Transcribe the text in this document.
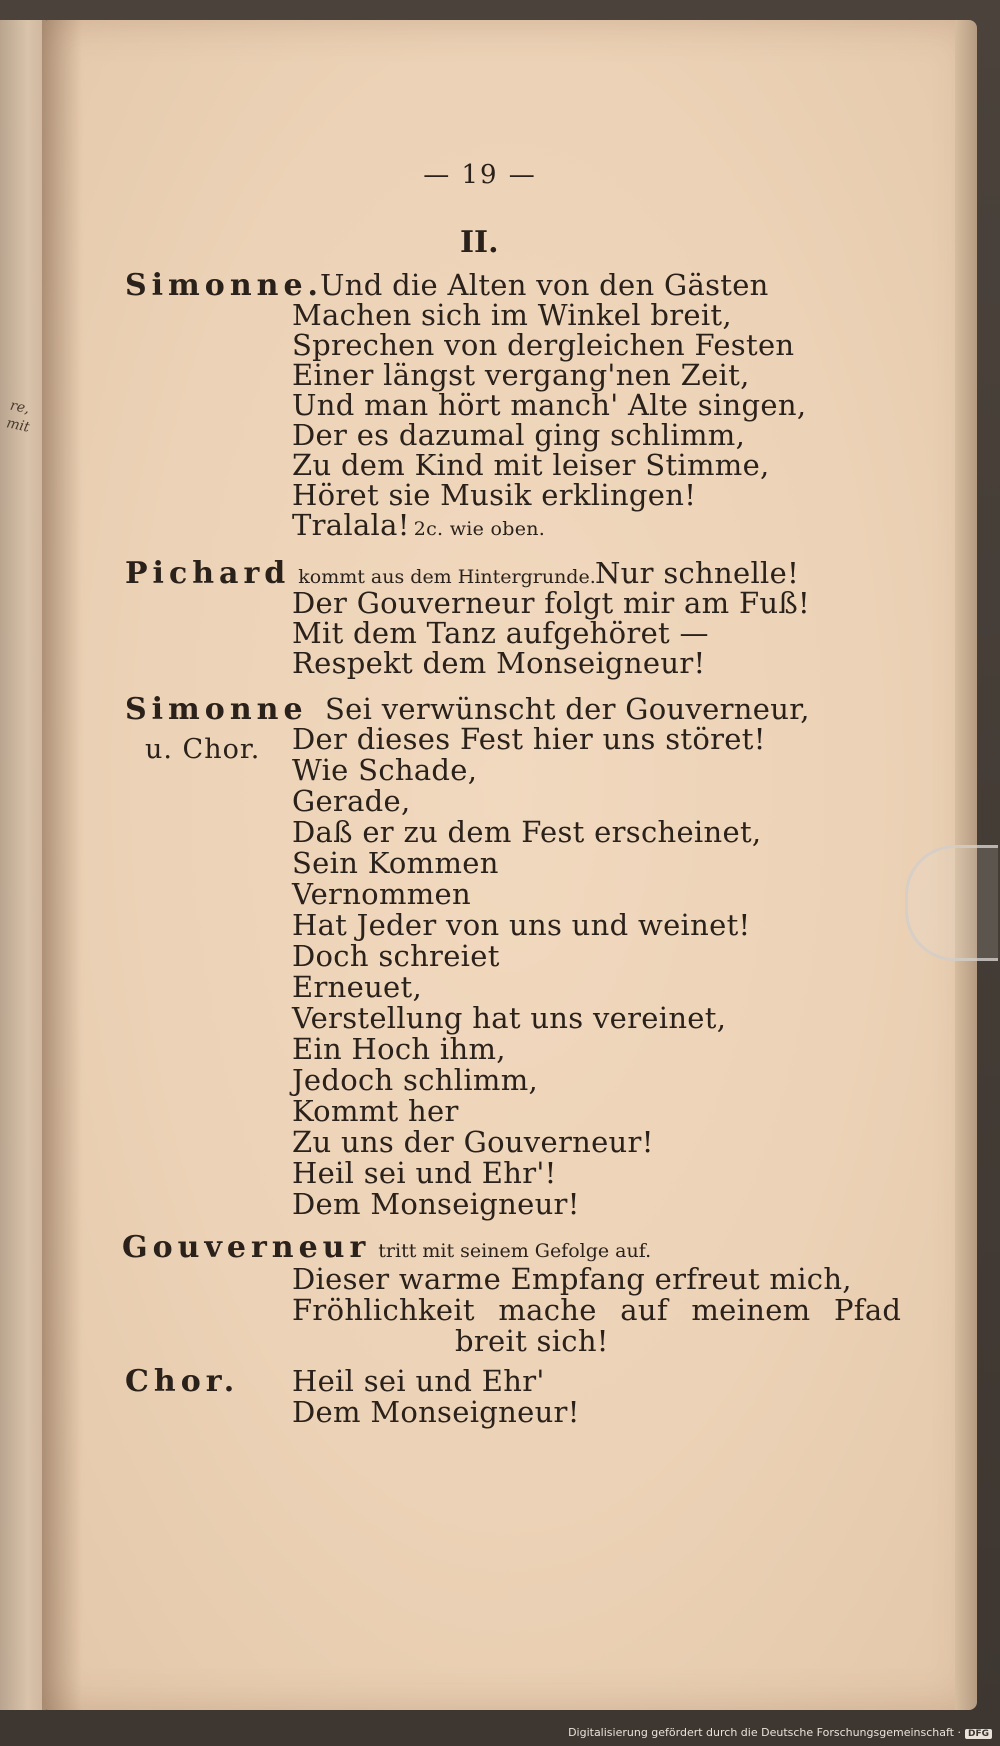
re, mit
— 19 —
II.
Simonne.
Und die Alten von den Gästen
Machen sich im Winkel breit,
Sprechen von dergleichen Festen
Einer längst vergang'nen Zeit,
Und man hört manch' Alte singen,
Der es dazumal ging schlimm,
Zu dem Kind mit leiser Stimme,
Höret sie Musik erklingen!
Tralala! 2c. wie oben.
Pichard kommt aus dem Hintergrunde. Nur schnelle!
Der Gouverneur folgt mir am Fuß!
Mit dem Tanz aufgehöret —
Respekt dem Monseigneur!
Simonne
u. Chor.
Sei verwünscht der Gouverneur,
Der dieses Fest hier uns störet!
Wie Schade,
Gerade,
Daß er zu dem Fest erscheinet,
Sein Kommen
Vernommen
Hat Jeder von uns und weinet!
Doch schreiet
Erneuet,
Verstellung hat uns vereinet,
Ein Hoch ihm,
Jedoch schlimm,
Kommt her
Zu uns der Gouverneur!
Heil sei und Ehr'!
Dem Monseigneur!
Gouverneur tritt mit seinem Gefolge auf.
Dieser warme Empfang erfreut mich,
Fröhlichkeit mache auf meinem Pfad
breit sich!
Chor. Heil sei und Ehr'
Dem Monseigneur!
Digitalisierung gefördert durch die Deutsche Forschungsgemeinschaft · DFG
